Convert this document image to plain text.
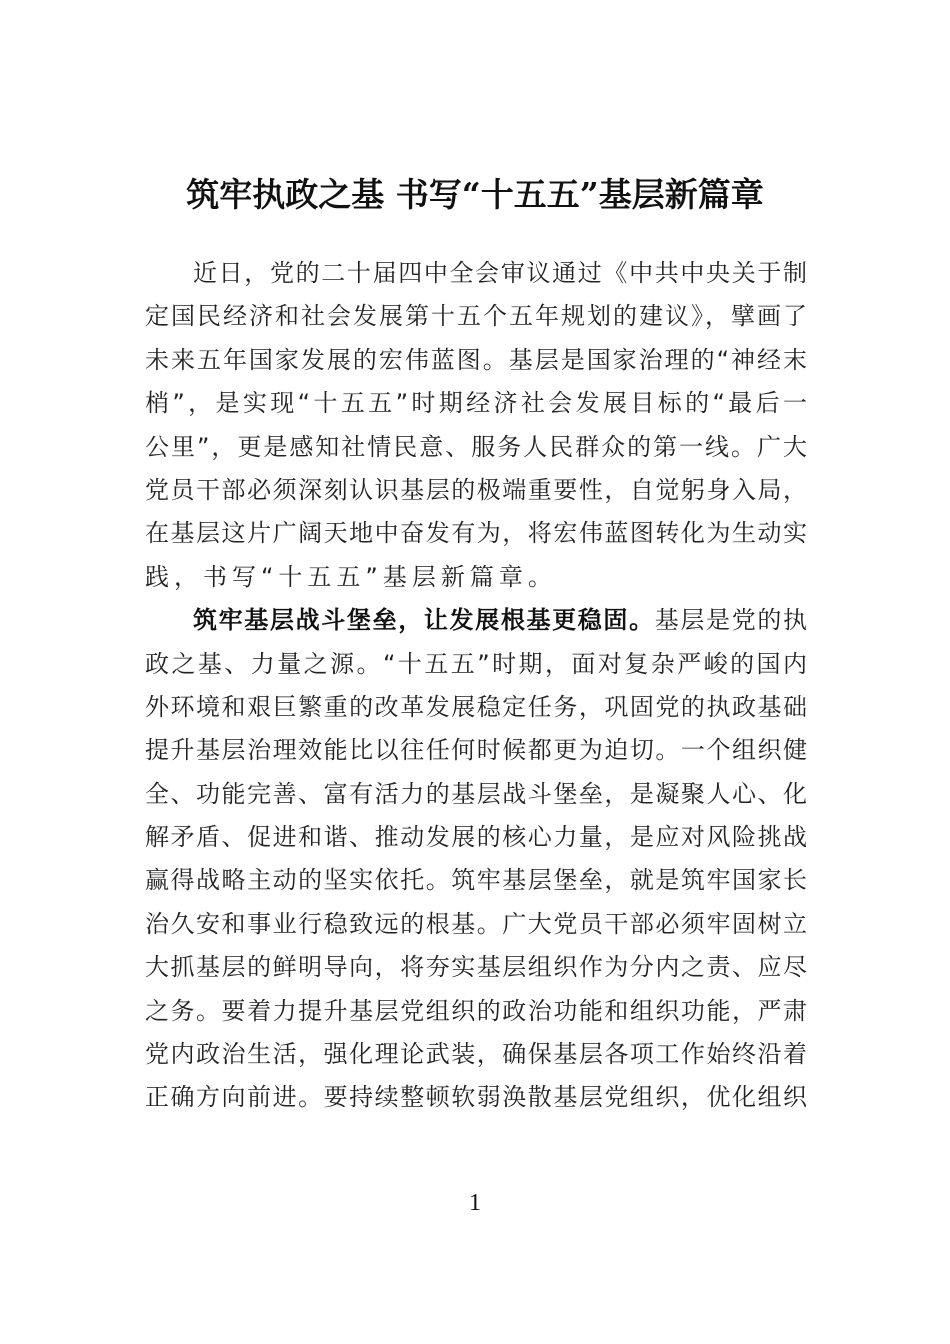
筑牢执政之基 书写“十五五”基层新篇章
近日，党的二十届四中全会审议通过《中共中央关于制
定国民经济和社会发展第十五个五年规划的建议》，擘画了
未来五年国家发展的宏伟蓝图。基层是国家治理的“神经末
梢”，是实现“十五五”时期经济社会发展目标的“最后一
公里”，更是感知社情民意、服务人民群众的第一线。广大
党员干部必须深刻认识基层的极端重要性，自觉躬身入局，
在基层这片广阔天地中奋发有为，将宏伟蓝图转化为生动实
践，书写“十五五”基层新篇章。
筑牢基层战斗堡垒，让发展根基更稳固。基层是党的执
政之基、力量之源。“十五五”时期，面对复杂严峻的国内
外环境和艰巨繁重的改革发展稳定任务，巩固党的执政基础
提升基层治理效能比以往任何时候都更为迫切。一个组织健
全、功能完善、富有活力的基层战斗堡垒，是凝聚人心、化
解矛盾、促进和谐、推动发展的核心力量，是应对风险挑战
赢得战略主动的坚实依托。筑牢基层堡垒，就是筑牢国家长
治久安和事业行稳致远的根基。广大党员干部必须牢固树立
大抓基层的鲜明导向，将夯实基层组织作为分内之责、应尽
之务。要着力提升基层党组织的政治功能和组织功能，严肃
党内政治生活，强化理论武装，确保基层各项工作始终沿着
正确方向前进。要持续整顿软弱涣散基层党组织，优化组织
1
